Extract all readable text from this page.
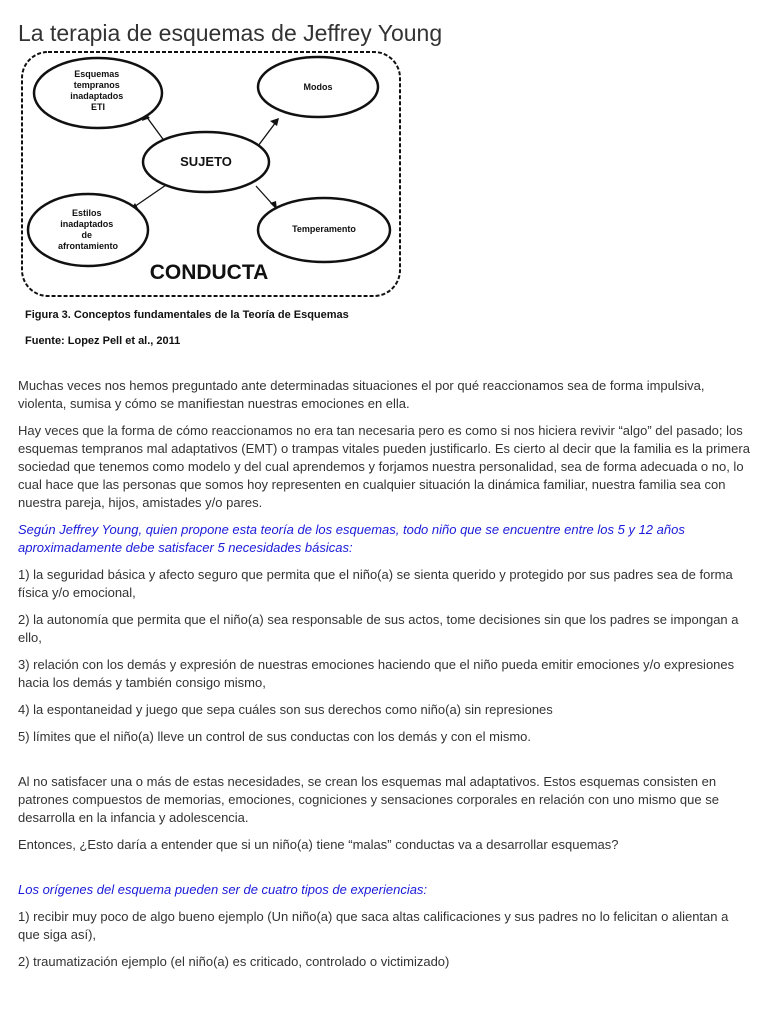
La terapia de esquemas de Jeffrey Young
Esquemas tempranos inadaptados ETI
Modos
SUJETO
Estilos inadaptados de afrontamiento
Temperamento
CONDUCTA
Figura 3. Conceptos fundamentales de la Teoría de Esquemas
Fuente: Lopez Pell et al., 2011

Muchas veces nos hemos preguntado ante determinadas situaciones el por qué reaccionamos sea de forma impulsiva, violenta, sumisa y cómo se manifiestan nuestras emociones en ella.

Hay veces que la forma de cómo reaccionamos no era tan necesaria pero es como si nos hiciera revivir “algo” del pasado; los esquemas tempranos mal adaptativos (EMT) o trampas vitales pueden justificarlo. Es cierto al decir que la familia es la primera sociedad que tenemos como modelo y del cual aprendemos y forjamos nuestra personalidad, sea de forma adecuada o no, lo cual hace que las personas que somos hoy representen en cualquier situación la dinámica familiar, nuestra familia sea con nuestra pareja, hijos, amistades y/o pares.

Según Jeffrey Young, quien propone esta teoría de los esquemas, todo niño que se encuentre entre los 5 y 12 años aproximadamente debe satisfacer 5 necesidades básicas:

1) la seguridad básica y afecto seguro que permita que el niño(a) se sienta querido y protegido por sus padres sea de forma física y/o emocional,

2) la autonomía que permita que el niño(a) sea responsable de sus actos, tome decisiones sin que los padres se impongan a ello,

3) relación con los demás y expresión de nuestras emociones haciendo que el niño pueda emitir emociones y/o expresiones hacia los demás y también consigo mismo,

4) la espontaneidad y juego que sepa cuáles son sus derechos como niño(a) sin represiones

5) límites que el niño(a) lleve un control de sus conductas con los demás y con el mismo.

Al no satisfacer una o más de estas necesidades, se crean los esquemas mal adaptativos. Estos esquemas consisten en patrones compuestos de memorias, emociones, cogniciones y sensaciones corporales en relación con uno mismo que se desarrolla en la infancia y adolescencia.

Entonces, ¿Esto daría a entender que si un niño(a) tiene “malas” conductas va a desarrollar esquemas?

Los orígenes del esquema pueden ser de cuatro tipos de experiencias:

1) recibir muy poco de algo bueno ejemplo (Un niño(a) que saca altas calificaciones y sus padres no lo felicitan o alientan a que siga así),

2) traumatización ejemplo (el niño(a) es criticado, controlado o victimizado)
